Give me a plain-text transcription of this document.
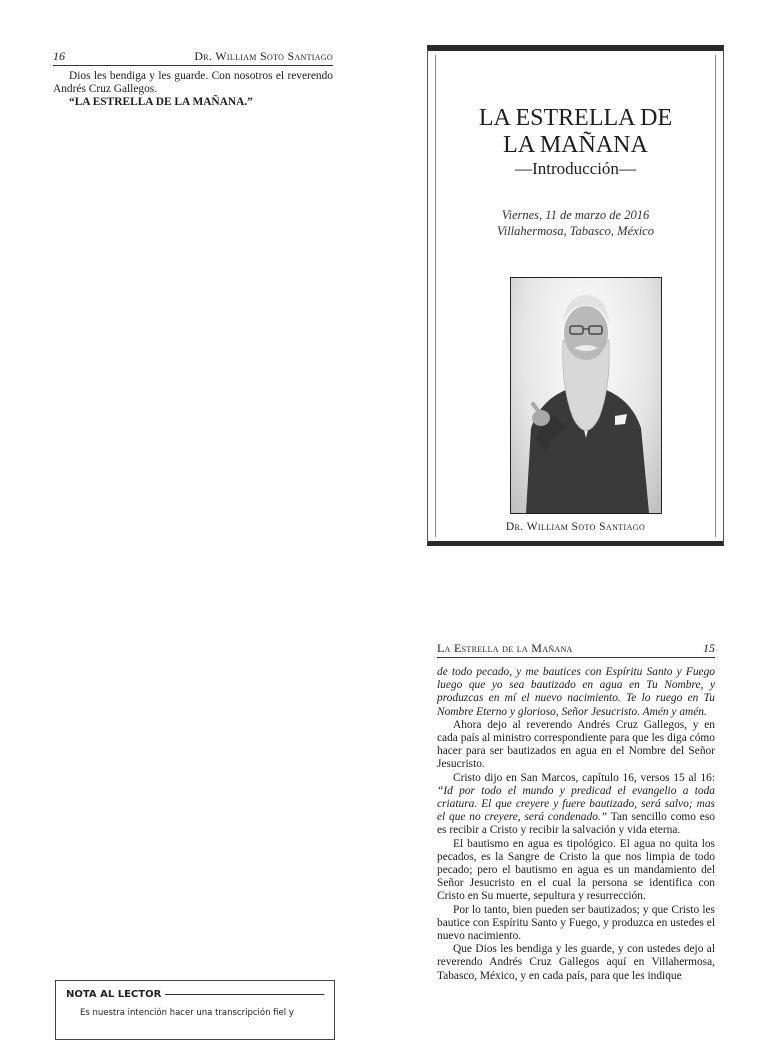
16	Dr. William Soto Santiago

Dios les bendiga y les guarde. Con nosotros el reverendo Andrés Cruz Gallegos.

“LA ESTRELLA DE LA MAÑANA.”

LA ESTRELLA DE
LA MAÑANA
—Introducción—
Viernes, 11 de marzo de 2016
Villahermosa, Tabasco, México
Dr. William Soto Santiago
La Estrella de la Mañana	15

de todo pecado, y me bautices con Espíritu Santo y Fuego luego que yo sea bautizado en agua en Tu Nombre, y produzcas en mí el nuevo nacimiento. Te lo ruego en Tu Nombre Eterno y glorioso, Señor Jesucristo. Amén y amén.

Ahora dejo al reverendo Andrés Cruz Gallegos, y en cada país al ministro correspondiente para que les diga cómo hacer para ser bautizados en agua en el Nombre del Señor Jesucristo.

Cristo dijo en San Marcos, capítulo 16, versos 15 al 16: “Id por todo el mundo y predicad el evangelio a toda criatura. El que creyere y fuere bautizado, será salvo; mas el que no creyere, será condenado.” Tan sencillo como eso es recibir a Cristo y recibir la salvación y vida eterna.

El bautismo en agua es tipológico. El agua no quita los pecados, es la Sangre de Cristo la que nos limpia de todo pecado; pero el bautismo en agua es un mandamiento del Señor Jesucristo en el cual la persona se identifica con Cristo en Su muerte, sepultura y resurrección.

Por lo tanto, bien pueden ser bautizados; y que Cristo les bautice con Espíritu Santo y Fuego, y produzca en ustedes el nuevo nacimiento.

Que Dios les bendiga y les guarde, y con ustedes dejo al reverendo Andrés Cruz Gallegos aquí en Villahermosa, Tabasco, México, y en cada país, para que les indique

NOTA AL LECTOR
Es nuestra intención hacer una transcripción fiel y
